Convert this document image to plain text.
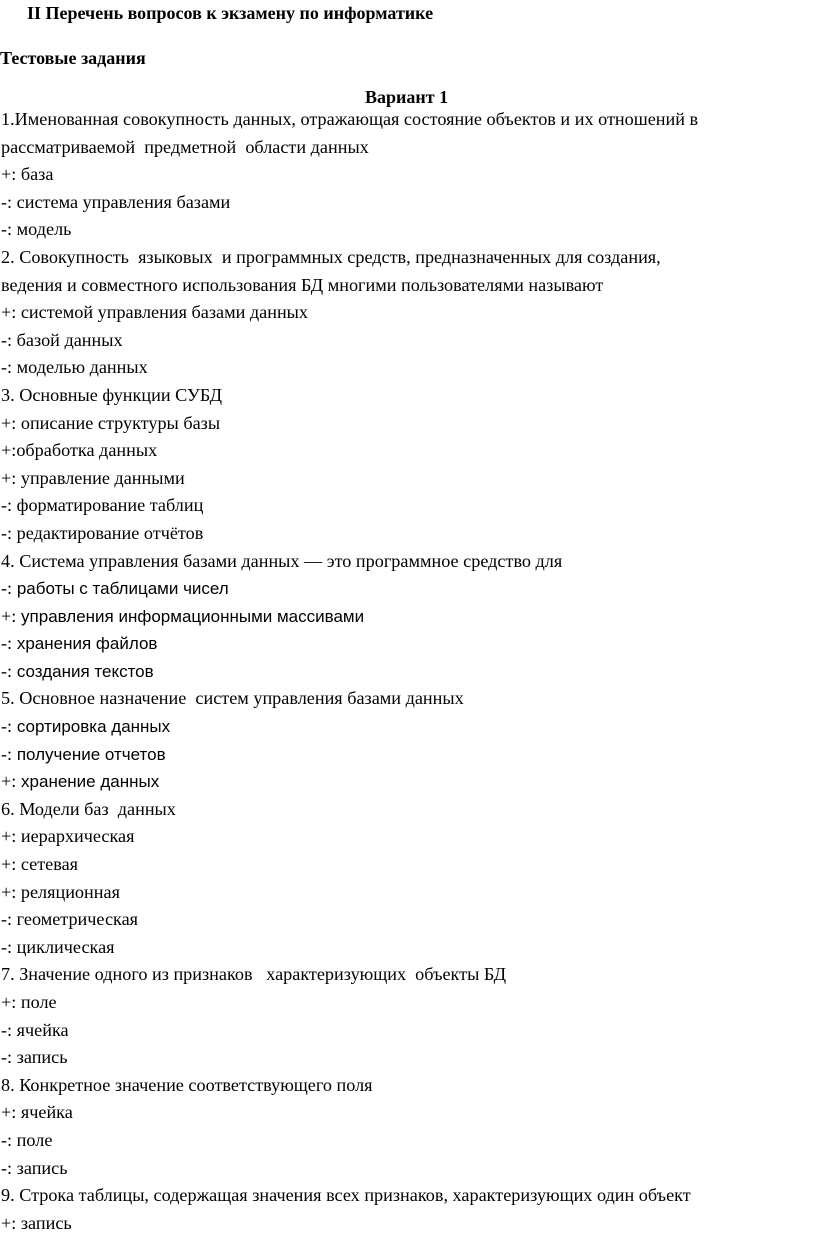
II Перечень вопросов к экзамену по информатике
Тестовые задания
Вариант 1
1.Именованная совокупность данных, отражающая состояние объектов и их отношений в
рассматриваемой  предметной  области данных
+: база
-: система управления базами
-: модель
2. Совокупность  языковых  и программных средств, предназначенных для создания,
ведения и совместного использования БД многими пользователями называют
+: системой управления базами данных
-: базой данных
-: моделью данных
3. Основные функции СУБД
+: описание структуры базы
+:обработка данных
+: управление данными
-: форматирование таблиц
-: редактирование отчётов
4. Система управления базами данных — это программное средство для
-: работы с таблицами чисел
+: управления информационными массивами
-: хранения файлов
-: создания текстов
5. Основное назначение  систем управления базами данных
-: сортировка данных
-: получение отчетов
+: хранение данных
6. Модели баз  данных
+: иерархическая
+: сетевая
+: реляционная
-: геометрическая
-: циклическая
7. Значение одного из признаков   характеризующих  объекты БД
+: поле
-: ячейка
-: запись
8. Конкретное значение соответствующего поля
+: ячейка
-: поле
-: запись
9. Строка таблицы, содержащая значения всех признаков, характеризующих один объект
+: запись
